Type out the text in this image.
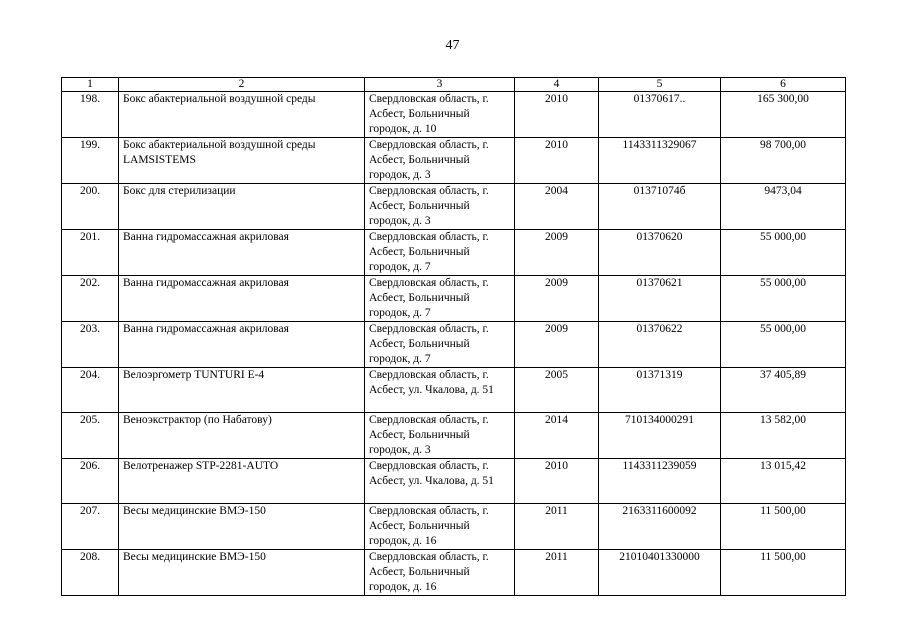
47
1	2	3	4	5	6
198.	Бокс абактериальной воздушной среды	Свердловская область, г. Асбест, Больничный городок, д. 10	2010	01370617..	165 300,00
199.	Бокс абактериальной воздушной среды LAMSISTEMS	Свердловская область, г. Асбест, Больничный городок, д. 3	2010	1143311329067	98 700,00
200.	Бокс для стерилизации	Свердловская область, г. Асбест, Больничный городок, д. 3	2004	01371074б	9473,04
201.	Ванна гидромассажная акриловая	Свердловская область, г. Асбест, Больничный городок, д. 7	2009	01370620	55 000,00
202.	Ванна гидромассажная акриловая	Свердловская область, г. Асбест, Больничный городок, д. 7	2009	01370621	55 000,00
203.	Ванна гидромассажная акриловая	Свердловская область, г. Асбест, Больничный городок, д. 7	2009	01370622	55 000,00
204.	Велоэргометр TUNTURI E-4	Свердловская область, г. Асбест, ул. Чкалова, д. 51	2005	01371319	37 405,89
205.	Веноэкстрактор (по Набатову)	Свердловская область, г. Асбест, Больничный городок, д. 3	2014	710134000291	13 582,00
206.	Велотренажер STP-2281-AUTO	Свердловская область, г. Асбест, ул. Чкалова, д. 51	2010	1143311239059	13 015,42
207.	Весы медицинские ВМЭ-150	Свердловская область, г. Асбест, Больничный городок, д. 16	2011	2163311600092	11 500,00
208.	Весы медицинские ВМЭ-150	Свердловская область, г. Асбест, Больничный городок, д. 16	2011	21010401330000	11 500,00
